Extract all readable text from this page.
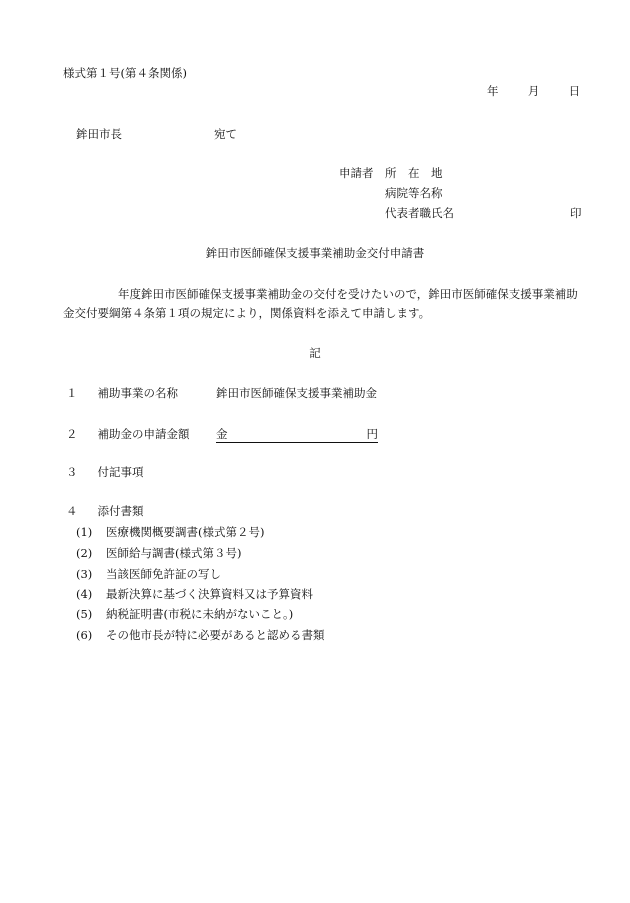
様式第１号(第４条関係)
年	月	日
鉾田市長	宛て
申請者 所　在　地
病院等名称
代表者職氏名	印
鉾田市医師確保支援事業補助金交付申請書
年度鉾田市医師確保支援事業補助金の交付を受けたいので，鉾田市医師確保支援事業補助
金交付要綱第４条第１項の規定により，関係資料を添えて申請します。
記
１ 補助事業の名称	鉾田市医師確保支援事業補助金
２ 補助金の申請金額 金	円
３ 付記事項
４ 添付書類
(1) 医療機関概要調書(様式第２号)
(2) 医師給与調書(様式第３号)
(3) 当該医師免許証の写し
(4) 最新決算に基づく決算資料又は予算資料
(5) 納税証明書(市税に未納がないこと。)
(6) その他市長が特に必要があると認める書類
